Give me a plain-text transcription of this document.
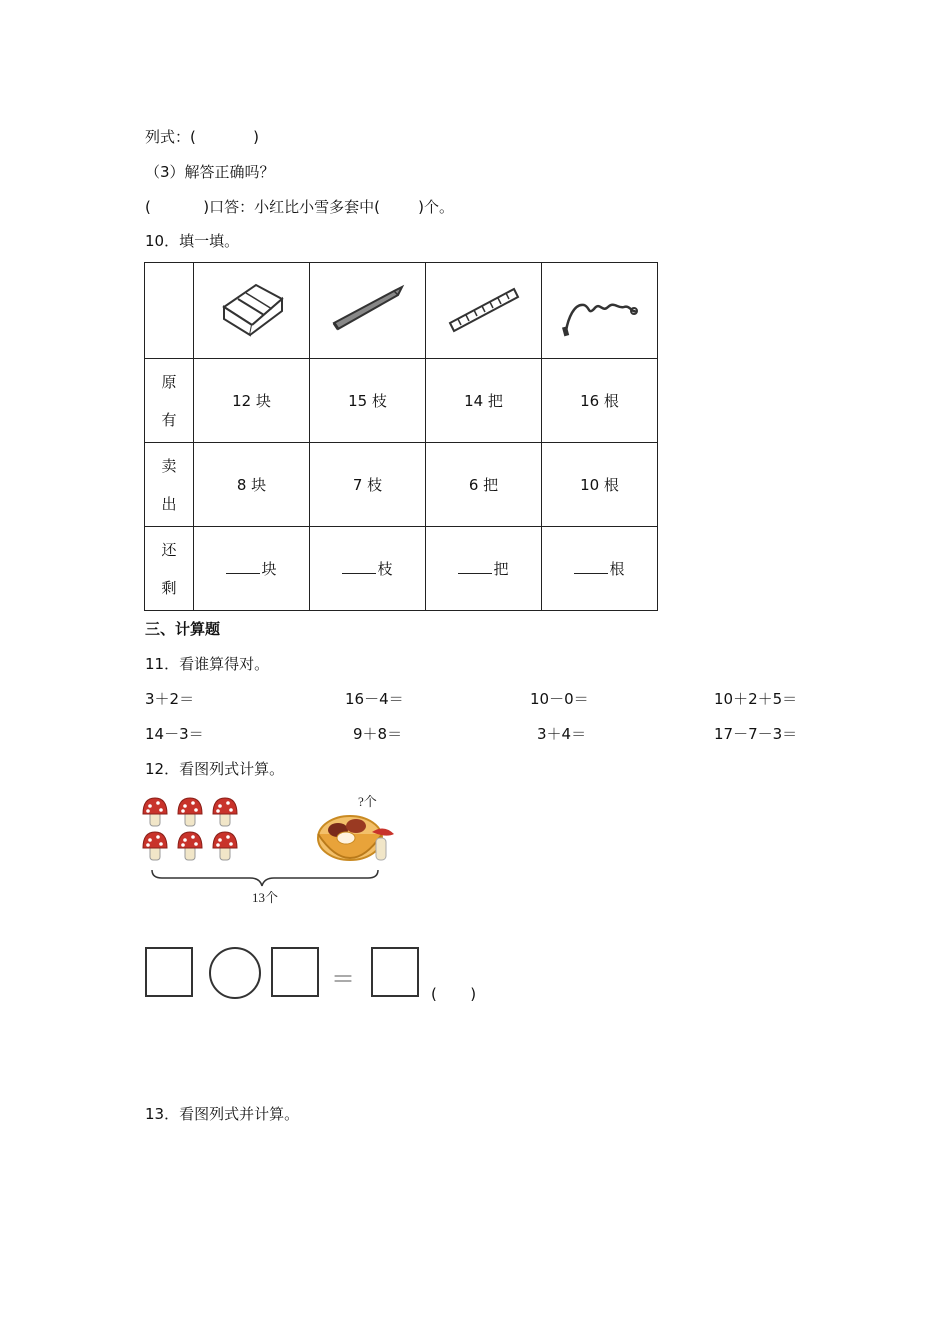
列式：(            )
（3）解答正确吗？
(           )口答：小红比小雪多套中(        )个。
10．填一填。

原
有	12 块	15 枝	14 把	16 根
卖
出	8 块	7 枝	6 把	10 根
还
剩	块	枝	把	根
三、计算题
11．看谁算得对。
3＋2＝	16－4＝	10－0＝	10＋2＋5＝
14－3＝	9＋8＝	3＋4＝	17－7－3＝
12．看图列式计算。
?个
13个
＝
(       )
13．看图列式并计算。
